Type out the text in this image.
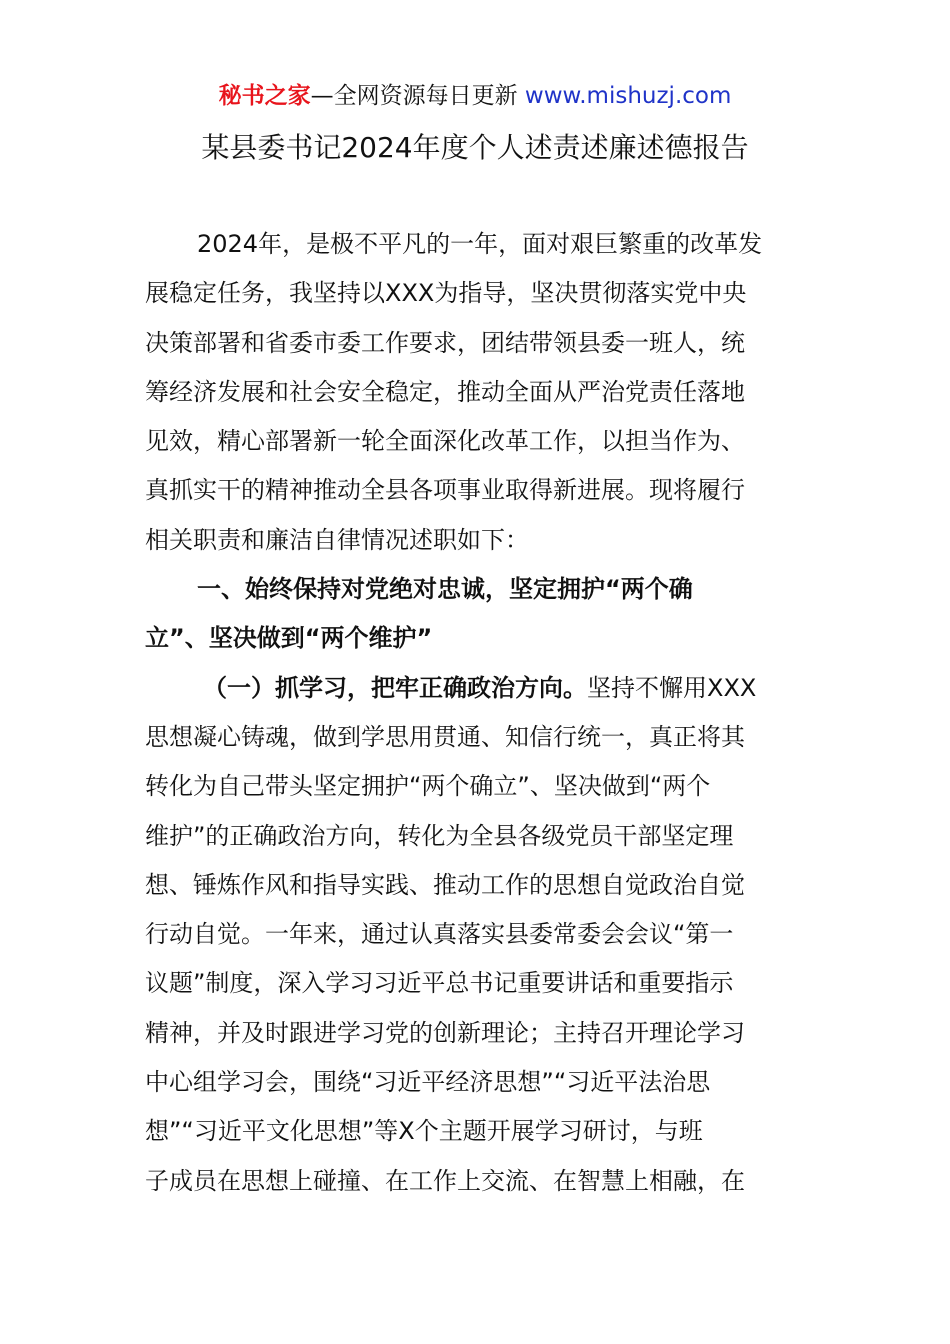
秘书之家—全网资源每日更新 www.mishuzj.com
某县委书记2024年度个人述责述廉述德报告
2024年，是极不平凡的一年，面对艰巨繁重的改革发
展稳定任务，我坚持以XXX为指导，坚决贯彻落实党中央
决策部署和省委市委工作要求，团结带领县委一班人，统
筹经济发展和社会安全稳定，推动全面从严治党责任落地
见效，精心部署新一轮全面深化改革工作，以担当作为、
真抓实干的精神推动全县各项事业取得新进展。现将履行
相关职责和廉洁自律情况述职如下：
一、始终保持对党绝对忠诚，坚定拥护“两个确
立”、坚决做到“两个维护”
（一）抓学习，把牢正确政治方向。坚持不懈用XXX
思想凝心铸魂，做到学思用贯通、知信行统一，真正将其
转化为自己带头坚定拥护“两个确立”、坚决做到“两个
维护”的正确政治方向，转化为全县各级党员干部坚定理
想、锤炼作风和指导实践、推动工作的思想自觉政治自觉
行动自觉。一年来，通过认真落实县委常委会会议“第一
议题”制度，深入学习习近平总书记重要讲话和重要指示
精神，并及时跟进学习党的创新理论；主持召开理论学习
中心组学习会，围绕“习近平经济思想”“习近平法治思
想”“习近平文化思想”等X个主题开展学习研讨，与班
子成员在思想上碰撞、在工作上交流、在智慧上相融，在
